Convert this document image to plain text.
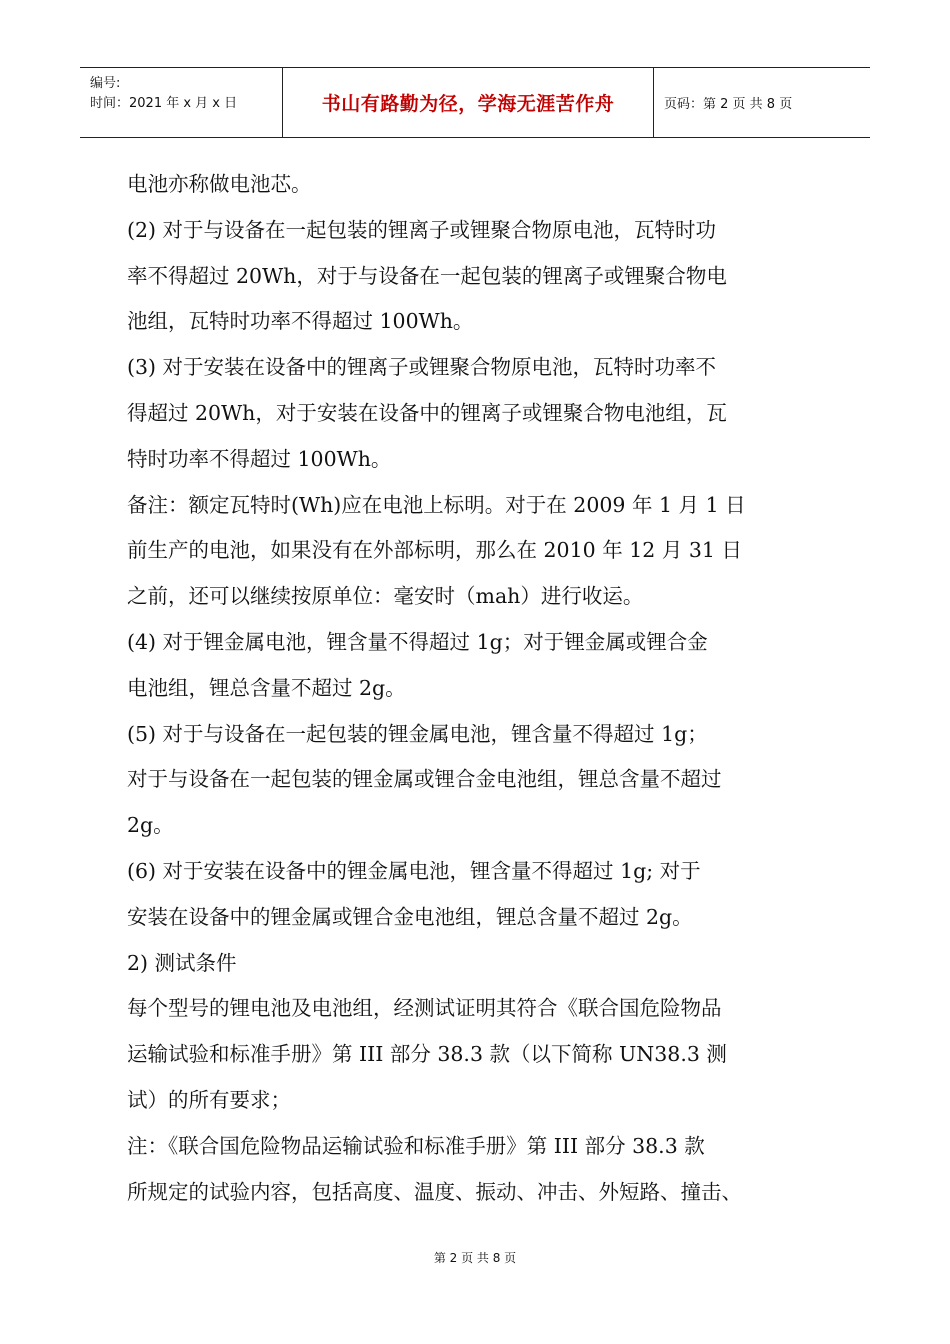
编号:
时间：2021 年 x 月 x 日	书山有路勤为径，学海无涯苦作舟	页码：第 2 页 共 8 页
电池亦称做电池芯。
(2) 对于与设备在一起包装的锂离子或锂聚合物原电池，瓦特时功
率不得超过 20Wh，对于与设备在一起包装的锂离子或锂聚合物电
池组，瓦特时功率不得超过 100Wh。
(3) 对于安装在设备中的锂离子或锂聚合物原电池，瓦特时功率不
得超过 20Wh，对于安装在设备中的锂离子或锂聚合物电池组，瓦
特时功率不得超过 100Wh。
备注：额定瓦特时(Wh)应在电池上标明。对于在 2009 年 1 月 1 日
前生产的电池，如果没有在外部标明，那么在 2010 年 12 月 31 日
之前，还可以继续按原单位：毫安时（mah）进行收运。
(4) 对于锂金属电池，锂含量不得超过 1g；对于锂金属或锂合金
电池组，锂总含量不超过 2g。
(5) 对于与设备在一起包装的锂金属电池，锂含量不得超过 1g；
对于与设备在一起包装的锂金属或锂合金电池组，锂总含量不超过
2g。
(6) 对于安装在设备中的锂金属电池，锂含量不得超过 1g; 对于
安装在设备中的锂金属或锂合金电池组，锂总含量不超过 2g。
2) 测试条件
每个型号的锂电池及电池组，经测试证明其符合《联合国危险物品
运输试验和标准手册》第 III 部分 38.3 款（以下简称 UN38.3 测
试）的所有要求；
注：《联合国危险物品运输试验和标准手册》第 III 部分 38.3 款
所规定的试验内容，包括高度、温度、振动、冲击、外短路、撞击、
第 2 页 共 8 页
